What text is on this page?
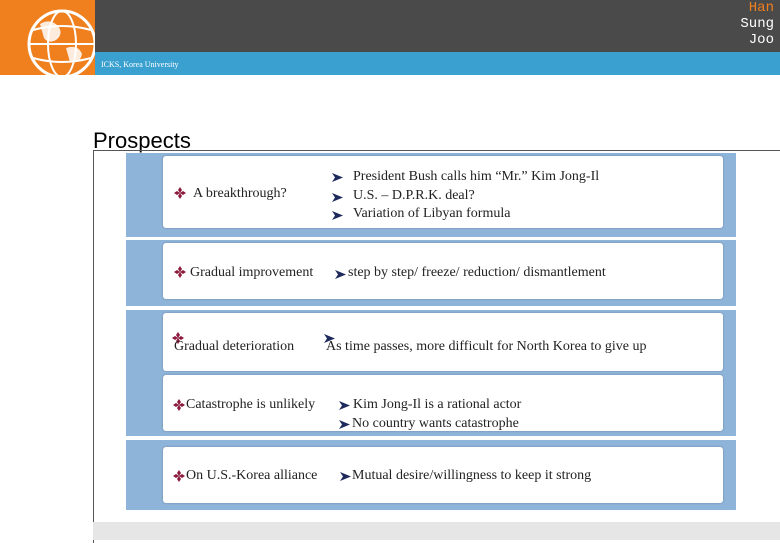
ICKS, Korea University
Han
Sung
Joo
Prospects
A breakthrough?
President Bush calls him “Mr.” Kim Jong-Il
U.S. – D.P.R.K. deal?
Variation of Libyan formula
Gradual improvement step by step/ freeze/ reduction/ dismantlement
Gradual deterioration As time passes, more difficult for North Korea to give up
Catastrophe is unlikely	Kim Jong-Il is a rational actor
No country wants catastrophe
On U.S.-Korea alliance Mutual desire/willingness to keep it strong
